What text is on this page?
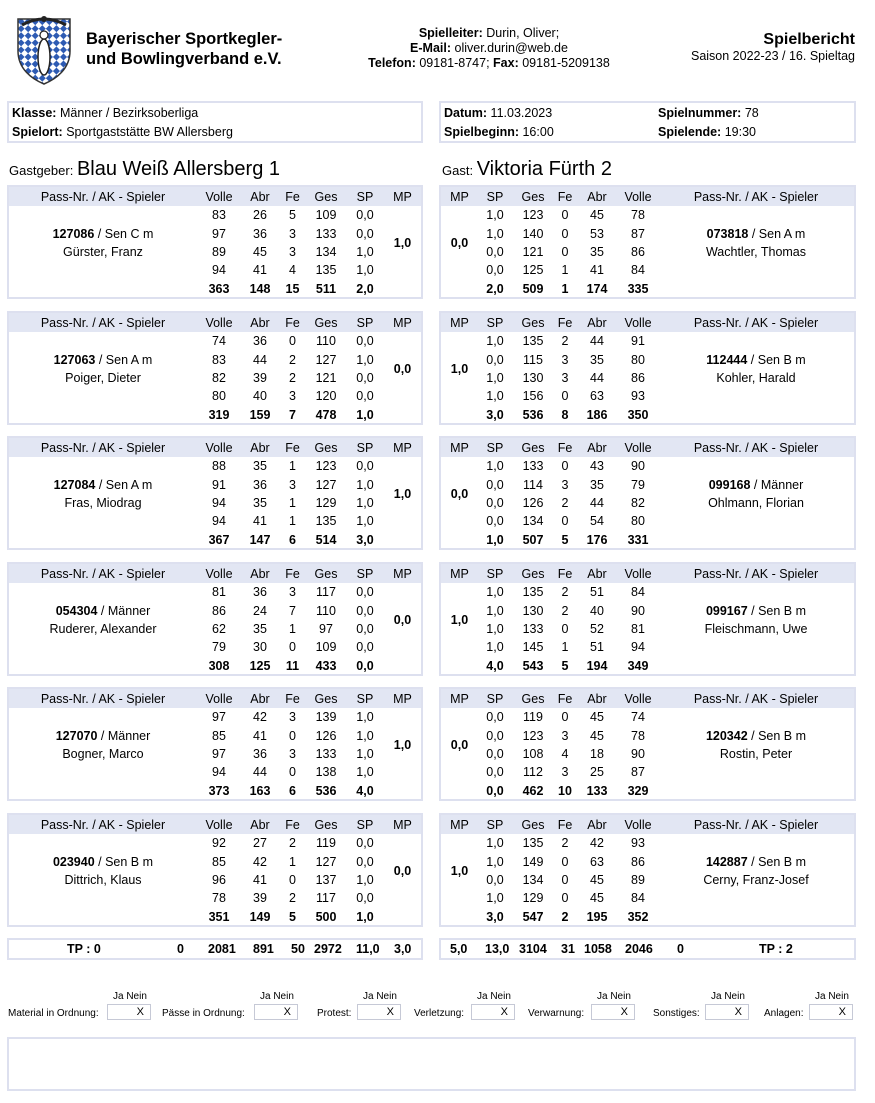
Bayerischer Sportkegler-
und Bowlingverband e.V.
Spielleiter: Durin, Oliver;
E-Mail: oliver.durin@web.de
Telefon: 09181-8747; Fax: 09181-5209138
Spielbericht
Saison 2022-23 / 16. Spieltag
Klasse: Männer / Bezirksoberliga
Spielort: Sportgaststätte BW Allersberg
Datum: 11.03.2023
Spielbeginn: 16:00
Spielnummer: 78
Spielende: 19:30
Gastgeber: Blau Weiß Allersberg 1	Gast: Viktoria Fürth 2
Pass-Nr. / AK - Spieler	Volle	Abr	Fe	Ges	SP	MP

127086 / Sen C m
Gürster, Franz	83	26	5	109	0,0	1,0
	97	36	3	133	0,0	
	89	45	3	134	1,0	
	94	41	4	135	1,0	
	363	148	15	511	2,0	
MP	SP	Ges	Fe	Abr	Volle	Pass-Nr. / AK - Spieler
0,0	1,0	123	0	45	78	073818 / Sen A m
Wachtler, Thomas

	1,0	140	0	53	87	
	0,0	121	0	35	86	
	0,0	125	1	41	84	
	2,0	509	1	174	335	
Pass-Nr. / AK - Spieler	Volle	Abr	Fe	Ges	SP	MP

127063 / Sen A m
Poiger, Dieter	74	36	0	110	0,0	0,0
	83	44	2	127	1,0	
	82	39	2	121	0,0	
	80	40	3	120	0,0	
	319	159	7	478	1,0	
MP	SP	Ges	Fe	Abr	Volle	Pass-Nr. / AK - Spieler
1,0	1,0	135	2	44	91	112444 / Sen B m
Kohler, Harald

	0,0	115	3	35	80	
	1,0	130	3	44	86	
	1,0	156	0	63	93	
	3,0	536	8	186	350	
Pass-Nr. / AK - Spieler	Volle	Abr	Fe	Ges	SP	MP

127084 / Sen A m
Fras, Miodrag	88	35	1	123	0,0	1,0
	91	36	3	127	1,0	
	94	35	1	129	1,0	
	94	41	1	135	1,0	
	367	147	6	514	3,0	
MP	SP	Ges	Fe	Abr	Volle	Pass-Nr. / AK - Spieler
0,0	1,0	133	0	43	90	099168 / Männer
Ohlmann, Florian

	0,0	114	3	35	79	
	0,0	126	2	44	82	
	0,0	134	0	54	80	
	1,0	507	5	176	331	
Pass-Nr. / AK - Spieler	Volle	Abr	Fe	Ges	SP	MP

054304 / Männer
Ruderer, Alexander	81	36	3	117	0,0	0,0
	86	24	7	110	0,0	
	62	35	1	97	0,0	
	79	30	0	109	0,0	
	308	125	11	433	0,0	
MP	SP	Ges	Fe	Abr	Volle	Pass-Nr. / AK - Spieler
1,0	1,0	135	2	51	84	099167 / Sen B m
Fleischmann, Uwe

	1,0	130	2	40	90	
	1,0	133	0	52	81	
	1,0	145	1	51	94	
	4,0	543	5	194	349	
Pass-Nr. / AK - Spieler	Volle	Abr	Fe	Ges	SP	MP

127070 / Männer
Bogner, Marco	97	42	3	139	1,0	1,0
	85	41	0	126	1,0	
	97	36	3	133	1,0	
	94	44	0	138	1,0	
	373	163	6	536	4,0	
MP	SP	Ges	Fe	Abr	Volle	Pass-Nr. / AK - Spieler
0,0	0,0	119	0	45	74	120342 / Sen B m
Rostin, Peter

	0,0	123	3	45	78	
	0,0	108	4	18	90	
	0,0	112	3	25	87	
	0,0	462	10	133	329	
Pass-Nr. / AK - Spieler	Volle	Abr	Fe	Ges	SP	MP

023940 / Sen B m
Dittrich, Klaus	92	27	2	119	0,0	0,0
	85	42	1	127	0,0	
	96	41	0	137	1,0	
	78	39	2	117	0,0	
	351	149	5	500	1,0	
MP	SP	Ges	Fe	Abr	Volle	Pass-Nr. / AK - Spieler
1,0	1,0	135	2	42	93	142887 / Sen B m
Cerny, Franz-Josef

	1,0	149	0	63	86	
	0,0	134	0	45	89	
	1,0	129	0	45	84	
	3,0	547	2	195	352	
TP : 0	0 2081 891 50 2972 11,0 3,0	5,0 13,0 3104 31 1058 2046 0	TP : 2
Ja Nein
Material in Ordnung:	X
Ja Nein
Pässe in Ordnung:	X
Ja Nein
Protest:	X
Ja Nein
Verletzung:	X
Ja Nein
Verwarnung:	X
Ja Nein
Sonstiges:	X
Ja Nein
Anlagen:	X
